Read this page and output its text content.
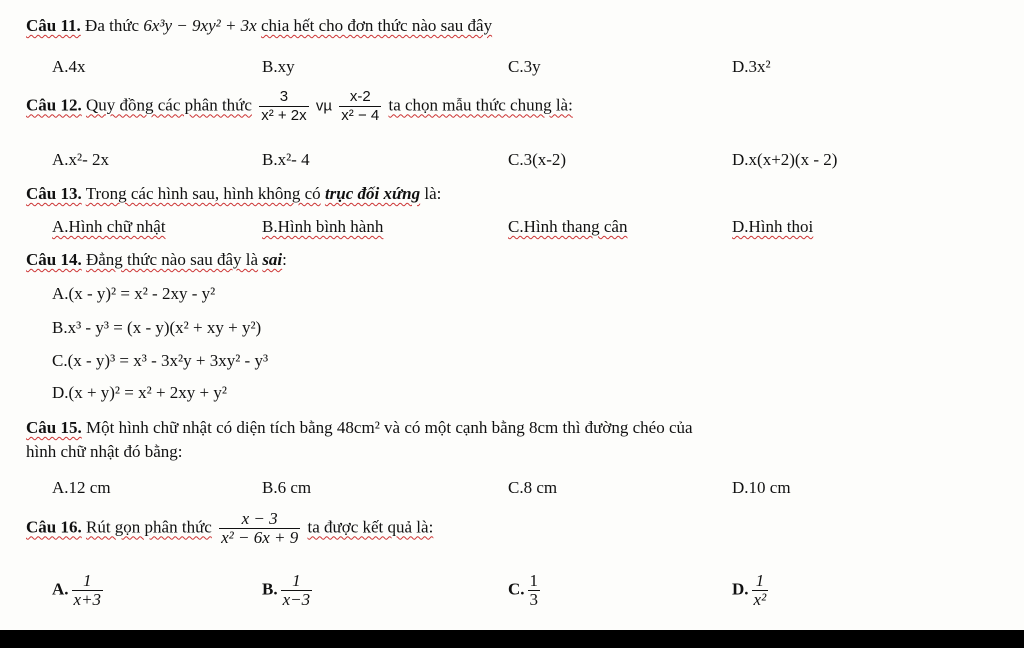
Câu 11. Đa thức 6x³y − 9xy² + 3x chia hết cho đơn thức nào sau đây
A.4x	B.xy	C.3y	D.3x²
Câu 12. Quy đồng các phân thức $\frac{3}{\text{x² + 2x}}$ vµ $\frac{x-2}{\text{x² − 4}}$ ta chọn mẫu thức chung là:
A.x²- 2x	B.x²- 4	C.3(x-2)	D.x(x+2)(x - 2)
Câu 13. Trong các hình sau, hình không có trục đối xứng là:
A.Hình chữ nhật	B.Hình bình hành	C.Hình thang cân	D.Hình thoi
Câu 14. Đẳng thức nào sau đây là sai:
A.(x - y)² = x² - 2xy - y²
B.x³ - y³ = (x - y)(x² + xy + y²)
C.(x - y)³ = x³ - 3x²y + 3xy² - y³
D.(x + y)² = x² + 2xy + y²
Câu 15. Một hình chữ nhật có diện tích bằng 48cm² và có một cạnh bằng 8cm thì đường chéo của
hình chữ nhật đó bằng:
A.12 cm	B.6 cm	C.8 cm	D.10 cm
Câu 16. Rút gọn phân thức $\frac{x - 3}{\text{x² − 6x + 9}}$ ta được kết quả là:
A. $\frac{1}{x+3}$	B. $\frac{1}{x-3}$	C. $\frac{1}{3}$	D. $\frac{1}{\text{x²}}$
